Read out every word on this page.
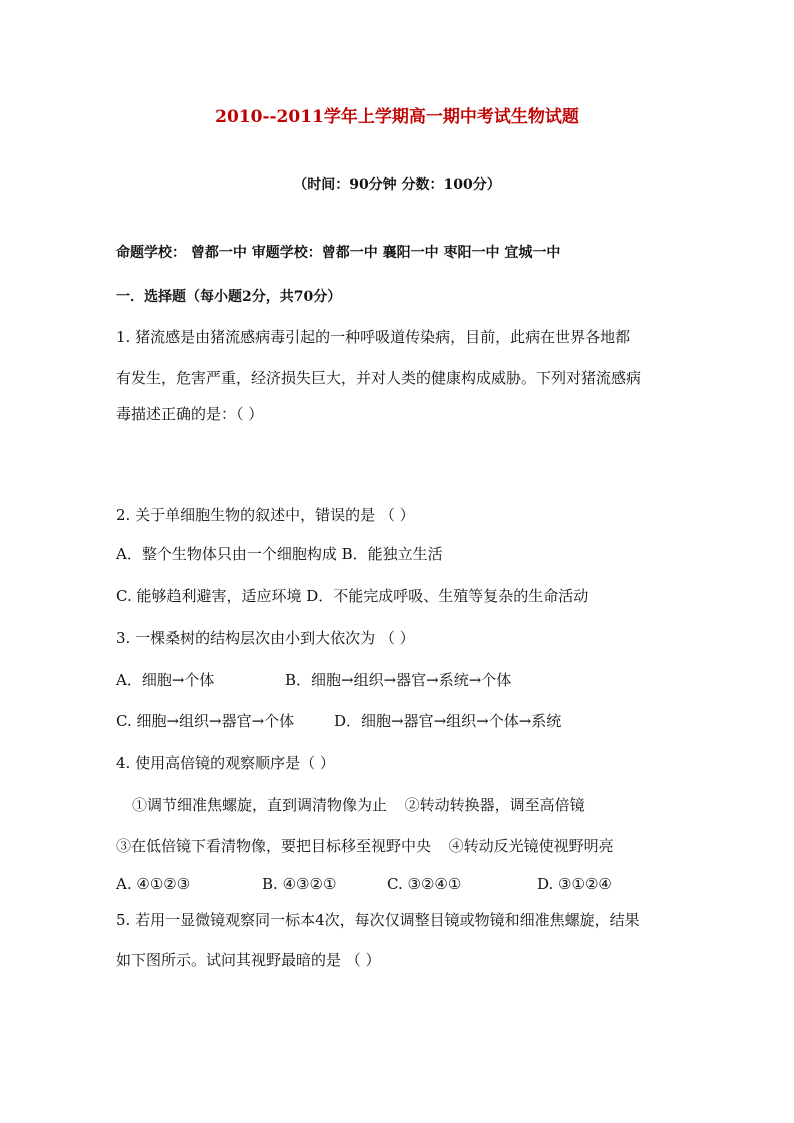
2010--2011学年上学期高一期中考试生物试题
（时间：90分钟 分数：100分）
命题学校： 曾都一中 审题学校：曾都一中 襄阳一中 枣阳一中 宜城一中
一．选择题（每小题2分，共70分）
1. 猪流感是由猪流感病毒引起的一种呼吸道传染病，目前，此病在世界各地都
有发生，危害严重，经济损失巨大，并对人类的健康构成威胁。下列对猪流感病
毒描述正确的是：（ ）
2. 关于单细胞生物的叙述中，错误的是 （ ）
A．整个生物体只由一个细胞构成 B．能独立生活
C. 能够趋利避害，适应环境 D．不能完成呼吸、生殖等复杂的生命活动
3. 一棵桑树的结构层次由小到大依次为 （ ）
A．细胞→个体	B．细胞→组织→器官→系统→个体
C. 细胞→组织→器官→个体	D．细胞→器官→组织→个体→系统
4. 使用高倍镜的观察顺序是（ ）
①调节细准焦螺旋，直到调清物像为止 ②转动转换器，调至高倍镜
③在低倍镜下看清物像，要把目标移至视野中央 ④转动反光镜使视野明亮
A. ④①②③	B. ④③②①	C. ③②④①	D. ③①②④
5. 若用一显微镜观察同一标本4次，每次仅调整目镜或物镜和细准焦螺旋，结果
如下图所示。试问其视野最暗的是 （ ）
